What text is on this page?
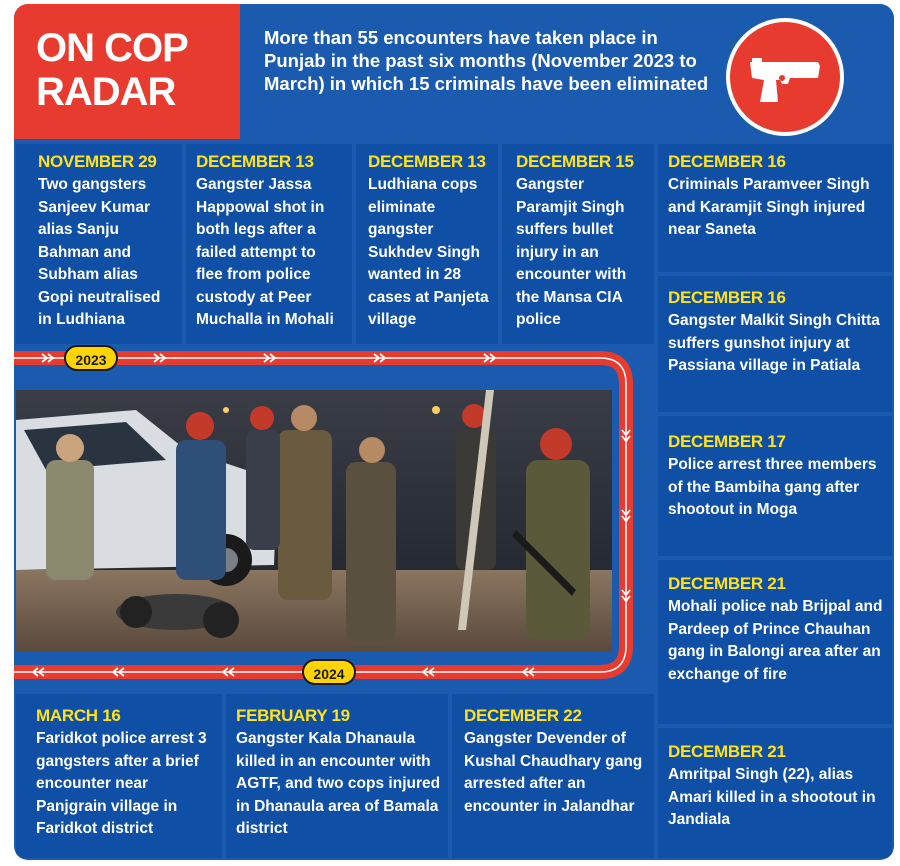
ON COP
RADAR
More than 55 encounters have taken place in Punjab in the past six months (November 2023 to March) in which 15 criminals have been eliminated
NOVEMBER 29
Two gangsters Sanjeev Kumar alias Sanju Bahman and Subham alias Gopi neutralised in Ludhiana
DECEMBER 13
Gangster Jassa Happowal shot in both legs after a failed attempt to flee from police custody at Peer Muchalla in Mohali
DECEMBER 13
Ludhiana cops eliminate gangster Sukhdev Singh wanted in 28 cases at Panjeta village
DECEMBER 15
Gangster Paramjit Singh suffers bullet injury in an encounter with the Mansa CIA police
DECEMBER 16
Criminals Paramveer Singh and Karamjit Singh injured near Saneta
DECEMBER 16
Gangster Malkit Singh Chitta suffers gunshot injury at Passiana village in Patiala
DECEMBER 17
Police arrest three members of the Bambiha gang after shootout in Moga
DECEMBER 21
Mohali police nab Brijpal and Pardeep of Prince Chauhan gang in Balongi area after an exchange of fire
DECEMBER 21
Amritpal Singh (22), alias Amari killed in a shootout in Jandiala
MARCH 16
Faridkot police arrest 3 gangsters after a brief encounter near Panjgrain village in Faridkot district
FEBRUARY 19
Gangster Kala Dhanaula killed in an encounter with AGTF, and two cops injured in Dhanaula area of Bamala district
DECEMBER 22
Gangster Devender of Kushal Chaudhary gang arrested after an encounter in Jalandhar
2023
2024
